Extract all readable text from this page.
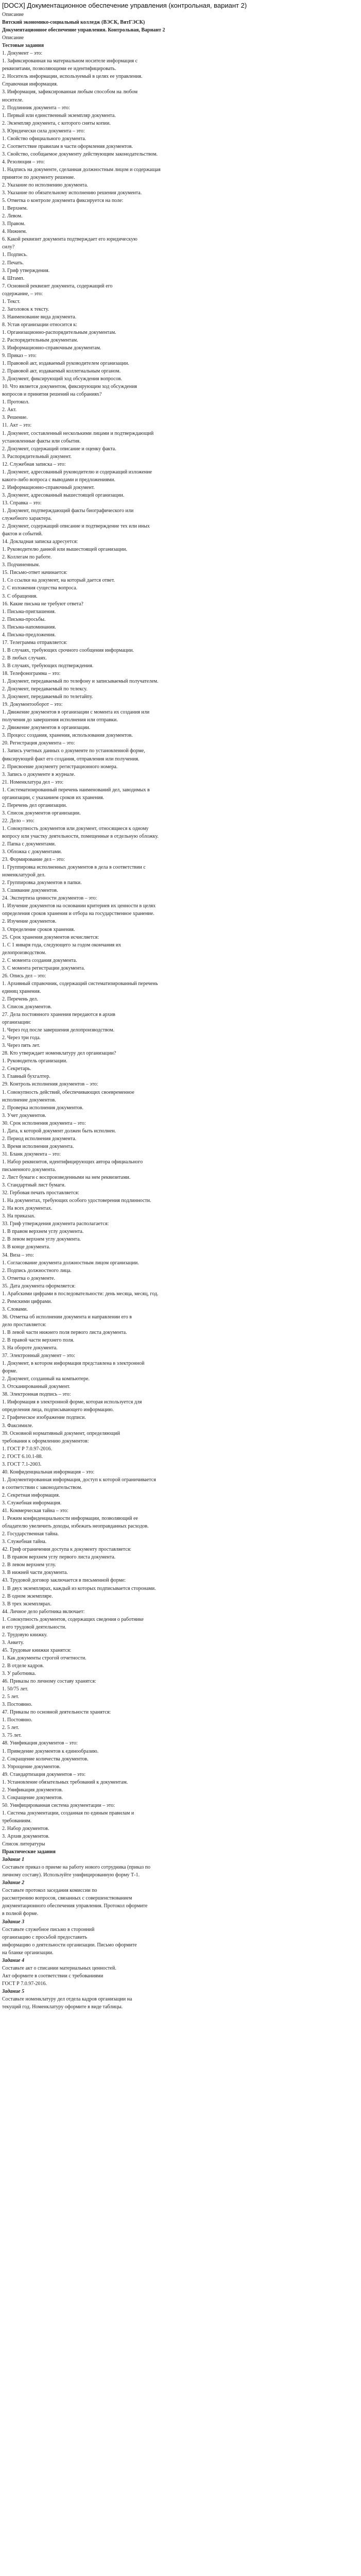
[DOCX] Документационное обеспечение управления (контрольная, вариант 2)
Описание
Вятский экономико-социальный колледж (ВЭСК, ВятГЭСК)
Документационное обеспечение управления. Контрольная, Вариант 2
Описание
Тестовые задания
1. Документ – это:
1. Зафиксированная на материальном носителе информация с
реквизитами, позволяющими ее идентифицировать.
2. Носитель информации, используемый в целях ее управления.
Справочная информация.
3. Информация, зафиксированная любым способом на любом
носителе.
2. Подлинник документа – это:
1. Первый или единственный экземпляр документа.
2. Экземпляр документа, с которого сняты копии.
3. Юридически сила документа – это:
1. Свойство официального документа.
2. Соответствие правилам в части оформления документов.
3. Свойство, сообщаемое документу действующим законодательством.
4. Резолюция – это:
1. Надпись на документе, сделанная должностным лицом и содержащая
принятое по документу решение.
2. Указание по исполнению документа.
3. Указание по обязательному исполнению решения документа.
5. Отметка о контроле документа фиксируется на поле:
1. Верхнем.
2. Левом.
3. Правом.
4. Нижнем.
6. Какой реквизит документа подтверждает его юридическую
силу?
1. Подпись.
2. Печать.
3. Гриф утверждения.
4. Штамп.
7. Основной реквизит документа, содержащий его
содержание, – это:
1. Текст.
2. Заголовок к тексту.
3. Наименование вида документа.
8. Устав организации относится к:
1. Организационно-распорядительным документам.
2. Распорядительным документам.
3. Информационно-справочным документам.
9. Приказ – это:
1. Правовой акт, издаваемый руководителем организации.
2. Правовой акт, издаваемый коллегиальным органом.
3. Документ, фиксирующий ход обсуждения вопросов.
10. Что является документом, фиксирующим ход обсуждения
вопросов и принятия решений на собраниях?
1. Протокол.
2. Акт.
3. Решение.
11. Акт – это:
1. Документ, составленный несколькими лицами и подтверждающий
установленные факты или события.
2. Документ, содержащий описание и оценку факта.
3. Распорядительный документ.
12. Служебная записка – это:
1. Документ, адресованный руководителю и содержащий изложение
какого-либо вопроса с выводами и предложениями.
2. Информационно-справочный документ.
3. Документ, адресованный вышестоящей организации.
13. Справка – это:
1. Документ, подтверждающий факты биографического или
служебного характера.
2. Документ, содержащий описание и подтверждение тех или иных
фактов и событий.
14. Докладная записка адресуется:
1. Руководителю данной или вышестоящей организации.
2. Коллегам по работе.
3. Подчиненным.
15. Письмо-ответ начинается:
1. Со ссылки на документ, на который дается ответ.
2. С изложения существа вопроса.
3. С обращения.
16. Какие письма не требуют ответа?
1. Письма-приглашения.
2. Письма-просьбы.
3. Письма-напоминания.
4. Письма-предложения.
17. Телеграмма отправляется:
1. В случаях, требующих срочного сообщения информации.
2. В любых случаях.
3. В случаях, требующих подтверждения.
18. Телефонограмма – это:
1. Документ, передаваемый по телефону и записываемый получателем.
2. Документ, передаваемый по телексу.
3. Документ, передаваемый по телетайпу.
19. Документооборот – это:
1. Движение документов в организации с момента их создания или
получения до завершения исполнения или отправки.
2. Движение документов в организации.
3. Процесс создания, хранения, использования документов.
20. Регистрация документа – это:
1. Запись учетных данных о документе по установленной форме,
фиксирующей факт его создания, отправления или получения.
2. Присвоение документу регистрационного номера.
3. Запись о документе в журнале.
21. Номенклатура дел – это:
1. Систематизированный перечень наименований дел, заводимых в
организации, с указанием сроков их хранения.
2. Перечень дел организации.
3. Список документов организации.
22. Дело – это:
1. Совокупность документов или документ, относящиеся к одному
вопросу или участку деятельности, помещенные в отдельную обложку.
2. Папка с документами.
3. Обложка с документами.
23. Формирование дел – это:
1. Группировка исполненных документов в дела в соответствии с
номенклатурой дел.
2. Группировка документов в папки.
3. Сшивание документов.
24. Экспертиза ценности документов – это:
1. Изучение документов на основании критериев их ценности в целях
определения сроков хранения и отбора на государственное хранение.
2. Изучение документов.
3. Определение сроков хранения.
25. Срок хранения документов исчисляется:
1. С 1 января года, следующего за годом окончания их
делопроизводством.
2. С момента создания документа.
3. С момента регистрации документа.
26. Опись дел – это:
1. Архивный справочник, содержащий систематизированный перечень
единиц хранения.
2. Перечень дел.
3. Список документов.
27. Дела постоянного хранения передаются в архив
организации:
1. Через год после завершения делопроизводством.
2. Через три года.
3. Через пять лет.
28. Кто утверждает номенклатуру дел организации?
1. Руководитель организации.
2. Секретарь.
3. Главный бухгалтер.
29. Контроль исполнения документов – это:
1. Совокупность действий, обеспечивающих своевременное
исполнение документов.
2. Проверка исполнения документов.
3. Учет документов.
30. Срок исполнения документа – это:
1. Дата, к которой документ должен быть исполнен.
2. Период исполнения документа.
3. Время исполнения документа.
31. Бланк документа – это:
1. Набор реквизитов, идентифицирующих автора официального
письменного документа.
2. Лист бумаги с воспроизведенными на нем реквизитами.
3. Стандартный лист бумаги.
32. Гербовая печать проставляется:
1. На документах, требующих особого удостоверения подлинности.
2. На всех документах.
3. На приказах.
33. Гриф утверждения документа располагается:
1. В правом верхнем углу документа.
2. В левом верхнем углу документа.
3. В конце документа.
34. Виза – это:
1. Согласование документа должностным лицом организации.
2. Подпись должностного лица.
3. Отметка о документе.
35. Дата документа оформляется:
1. Арабскими цифрами в последовательности: день месяца, месяц, год.
2. Римскими цифрами.
3. Словами.
36. Отметка об исполнении документа и направлении его в
дело проставляется:
1. В левой части нижнего поля первого листа документа.
2. В правой части верхнего поля.
3. На обороте документа.
37. Электронный документ – это:
1. Документ, в котором информация представлена в электронной
форме.
2. Документ, созданный на компьютере.
3. Отсканированный документ.
38. Электронная подпись – это:
1. Информация в электронной форме, которая используется для
определения лица, подписывающего информацию.
2. Графическое изображение подписи.
3. Факсимиле.
39. Основной нормативный документ, определяющий
требования к оформлению документов:
1. ГОСТ Р 7.0.97-2016.
2. ГОСТ 6.10.1-88.
3. ГОСТ 7.1-2003.
40. Конфиденциальная информация – это:
1. Документированная информация, доступ к которой ограничивается
в соответствии с законодательством.
2. Секретная информация.
3. Служебная информация.
41. Коммерческая тайна – это:
1. Режим конфиденциальности информации, позволяющий ее
обладателю увеличить доходы, избежать неоправданных расходов.
2. Государственная тайна.
3. Служебная тайна.
42. Гриф ограничения доступа к документу проставляется:
1. В правом верхнем углу первого листа документа.
2. В левом верхнем углу.
3. В нижней части документа.
43. Трудовой договор заключается в письменной форме:
1. В двух экземплярах, каждый из которых подписывается сторонами.
2. В одном экземпляре.
3. В трех экземплярах.
44. Личное дело работника включает:
1. Совокупность документов, содержащих сведения о работнике
и его трудовой деятельности.
2. Трудовую книжку.
3. Анкету.
45. Трудовые книжки хранятся:
1. Как документы строгой отчетности.
2. В отделе кадров.
3. У работника.
46. Приказы по личному составу хранятся:
1. 50/75 лет.
2. 5 лет.
3. Постоянно.
47. Приказы по основной деятельности хранятся:
1. Постоянно.
2. 5 лет.
3. 75 лет.
48. Унификация документов – это:
1. Приведение документов к единообразию.
2. Сокращение количества документов.
3. Упрощение документов.
49. Стандартизация документов – это:
1. Установление обязательных требований к документам.
2. Унификация документов.
3. Сокращение документов.
50. Унифицированная система документации – это:
1. Система документации, созданная по единым правилам и
требованиям.
2. Набор документов.
3. Архив документов.
Список литературы
Практические задания
Задание 1
Составьте приказ о приеме на работу нового сотрудника (приказ по
личному составу). Используйте унифицированную форму Т-1.
Задание 2
Составьте протокол заседания комиссии по
рассмотрению вопросов, связанных с совершенствованием
документационного обеспечения управления. Протокол оформите
в полной форме.
Задание 3
Составьте служебное письмо в сторонний
организацию с просьбой предоставить
информацию о деятельности организации. Письмо оформите
на бланке организации.
Задание 4
Составьте акт о списании материальных ценностей.
Акт оформите в соответствии с требованиями
ГОСТ Р 7.0.97-2016.
Задание 5
Составьте номенклатуру дел отдела кадров организации на
текущий год. Номенклатуру оформите в виде таблицы.
